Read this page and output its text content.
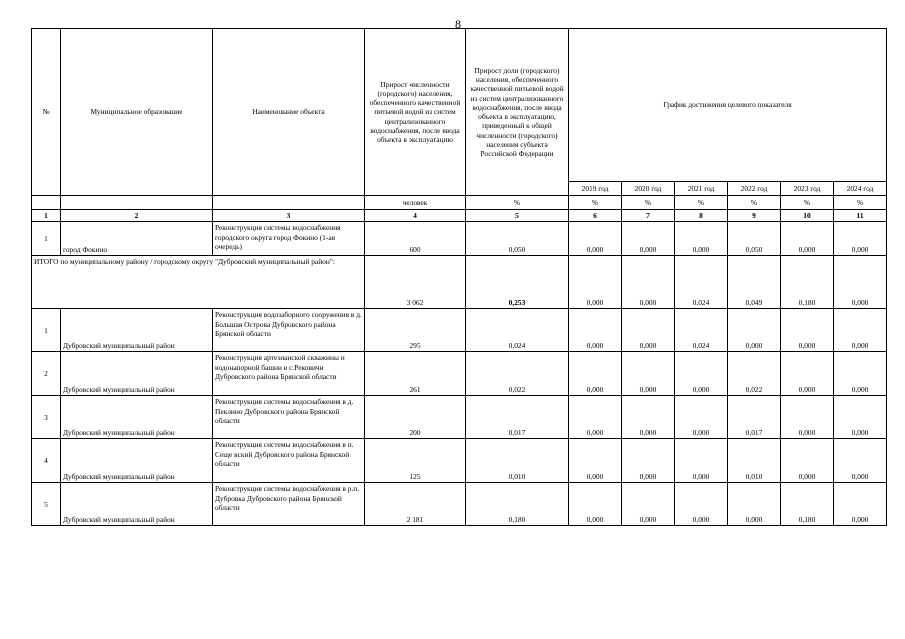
8
№	Муниципальное образование	Наименование объекта	Прирост численности (городского) населения, обеспеченного качественной питьевой водой из систем централизованного водоснабжения, после ввода объекта в эксплуатацию	Прирост доли (городского) населения, обеспеченного качественной питьевой водой из систем централизованного водоснабжения, после ввода объекта в эксплуатацию, приведенный к общей численности (городского) населения субъекта Российской Федерации	График достижения целевого показателя					
					2019 год	2020 год	2021 год	2022 год	2023 год	2024 год
			человек	%	%	%	%	%	%	%
1	2	3	4	5	6	7	8	9	10	11
1	город Фокино	Реконструкция системы водоснабжения городского округа город Фокино (1-ая очередь)	600	0,050	0,000	0,000	0,000	0,050	0,000	0,000
ИТОГО по муниципальному району / городскому округу "Дубровский муниципальный район":			3 062	0,253	0,000	0,000	0,024	0,049	0,180	0,000
1	Дубровский муниципальный район	Реконструкция водозаборного сооружения в д. Большая Острова Дубровского района Брянской области	295	0,024	0,000	0,000	0,024	0,000	0,000	0,000
2	Дубровский муниципальный район	Реконструкция артезианской скважины и водонапорной башни в с.Рековичи Дубровского района Брянской области	261	0,022	0,000	0,000	0,000	0,022	0,000	0,000
3	Дубровский муниципальный район	Реконструкция системы водоснабжения в д. Пеклино Дубровского района Брянской области	200	0,017	0,000	0,000	0,000	0,017	0,000	0,000
4	Дубровский муниципальный район	Реконструкция системы водоснабжения в п. Сеще вский Дубровского района Брянской области	125	0,010	0,000	0,000	0,000	0,010	0,000	0,000
5	Дубровский муниципальный район	Реконструкция системы водоснабжения в р.п. Дубровка Дубровского района Брянской области	2 181	0,180	0,000	0,000	0,000	0,000	0,180	0,000
